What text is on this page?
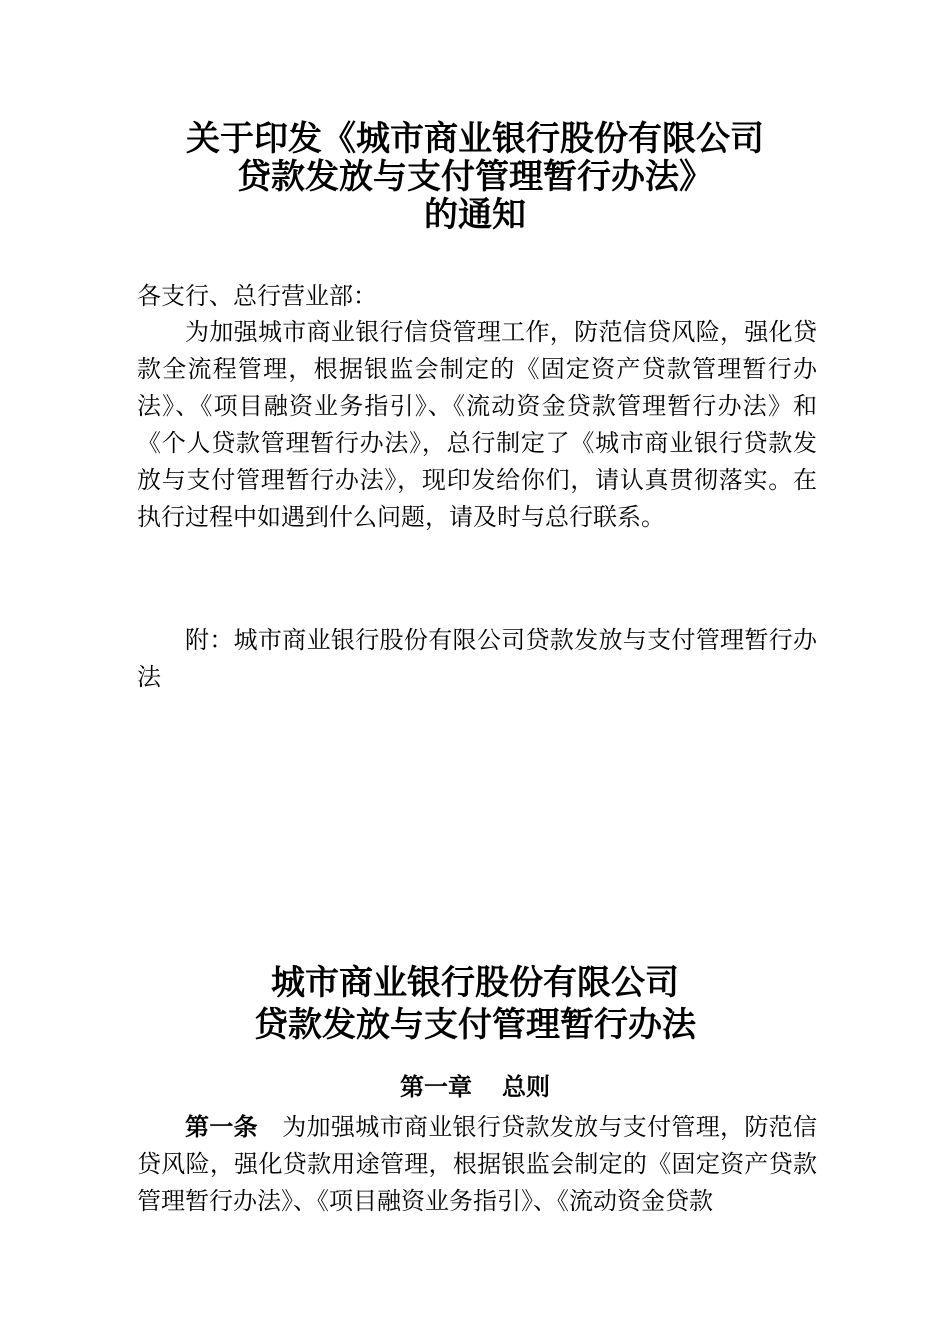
关于印发《城市商业银行股份有限公司
贷款发放与支付管理暂行办法》
的通知
各支行、总行营业部：
为加强城市商业银行信贷管理工作，防范信贷风险，强化贷款全流程管理，根据银监会制定的《固定资产贷款管理暂行办法》、《项目融资业务指引》、《流动资金贷款管理暂行办法》和《个人贷款管理暂行办法》，总行制定了《城市商业银行贷款发放与支付管理暂行办法》，现印发给你们，请认真贯彻落实。在执行过程中如遇到什么问题，请及时与总行联系。
附：城市商业银行股份有限公司贷款发放与支付管理暂行办法
城市商业银行股份有限公司
贷款发放与支付管理暂行办法
第一章 总则
第一条 为加强城市商业银行贷款发放与支付管理，防范信贷风险，强化贷款用途管理，根据银监会制定的《固定资产贷款管理暂行办法》、《项目融资业务指引》、《流动资金贷款
